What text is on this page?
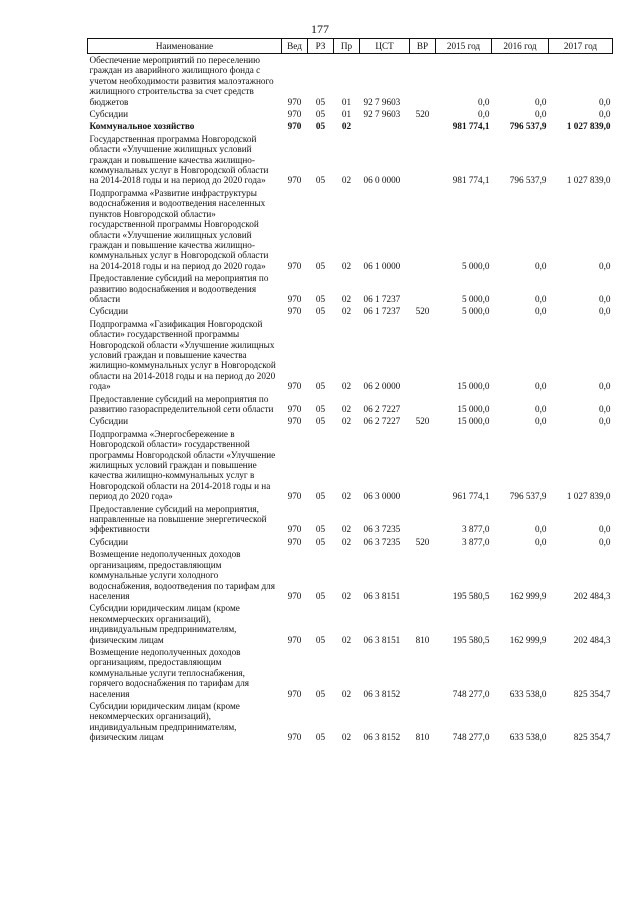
177
Наименование	Вед	РЗ	Пр	ЦСТ	ВР	2015 год	2016 год	2017 год
Обеспечение мероприятий по переселению граждан из аварийного жилищного фонда с учетом необходимости развития малоэтажного жилищного строительства за счет средств бюджетов	970	05	01	92 7 9603		0,0	0,0	0,0
Субсидии	970	05	01	92 7 9603	520	0,0	0,0	0,0
Коммунальное хозяйство	970	05	02			981 774,1	796 537,9	1 027 839,0
Государственная программа Новгородской области «Улучшение жилищных условий граждан и повышение качества жилищно-коммунальных услуг в Новгородской области на 2014-2018 годы и на период до 2020 года»	970	05	02	06 0 0000		981 774,1	796 537,9	1 027 839,0
Подпрограмма «Развитие инфраструктуры водоснабжения и водоотведения населенных пунктов Новгородской области» государственной программы Новгородской области «Улучшение жилищных условий граждан и повышение качества жилищно-коммунальных услуг в Новгородской области на 2014-2018 годы и на период до 2020 года»	970	05	02	06 1 0000		5 000,0	0,0	0,0
Предоставление субсидий на мероприятия по развитию водоснабжения и водоотведения области	970	05	02	06 1 7237		5 000,0	0,0	0,0
Субсидии	970	05	02	06 1 7237	520	5 000,0	0,0	0,0
Подпрограмма «Газификация Новгородской области» государственной программы Новгородской области «Улучшение жилищных условий граждан и повышение качества жилищно-коммунальных услуг в Новгородской области на 2014-2018 годы и на период до 2020 года»	970	05	02	06 2 0000		15 000,0	0,0	0,0
Предоставление субсидий на мероприятия по развитию газораспределительной сети области	970	05	02	06 2 7227		15 000,0	0,0	0,0
Субсидии	970	05	02	06 2 7227	520	15 000,0	0,0	0,0
Подпрограмма «Энергосбережение в Новгородской области» государственной программы Новгородской области «Улучшение жилищных условий граждан и повышение качества жилищно-коммунальных услуг в Новгородской области на 2014-2018 годы и на период до 2020 года»	970	05	02	06 3 0000		961 774,1	796 537,9	1 027 839,0
Предоставление субсидий на мероприятия, направленные на повышение энергетической эффективности	970	05	02	06 3 7235		3 877,0	0,0	0,0
Субсидии	970	05	02	06 3 7235	520	3 877,0	0,0	0,0
Возмещение недополученных доходов организациям, предоставляющим коммунальные услуги холодного водоснабжения, водоотведения по тарифам для населения	970	05	02	06 3 8151		195 580,5	162 999,9	202 484,3
Субсидии юридическим лицам (кроме некоммерческих организаций), индивидуальным предпринимателям, физическим лицам	970	05	02	06 3 8151	810	195 580,5	162 999,9	202 484,3
Возмещение недополученных доходов организациям, предоставляющим коммунальные услуги теплоснабжения, горячего водоснабжения по тарифам для населения	970	05	02	06 3 8152		748 277,0	633 538,0	825 354,7
Субсидии юридическим лицам (кроме некоммерческих организаций), индивидуальным предпринимателям, физическим лицам	970	05	02	06 3 8152	810	748 277,0	633 538,0	825 354,7
